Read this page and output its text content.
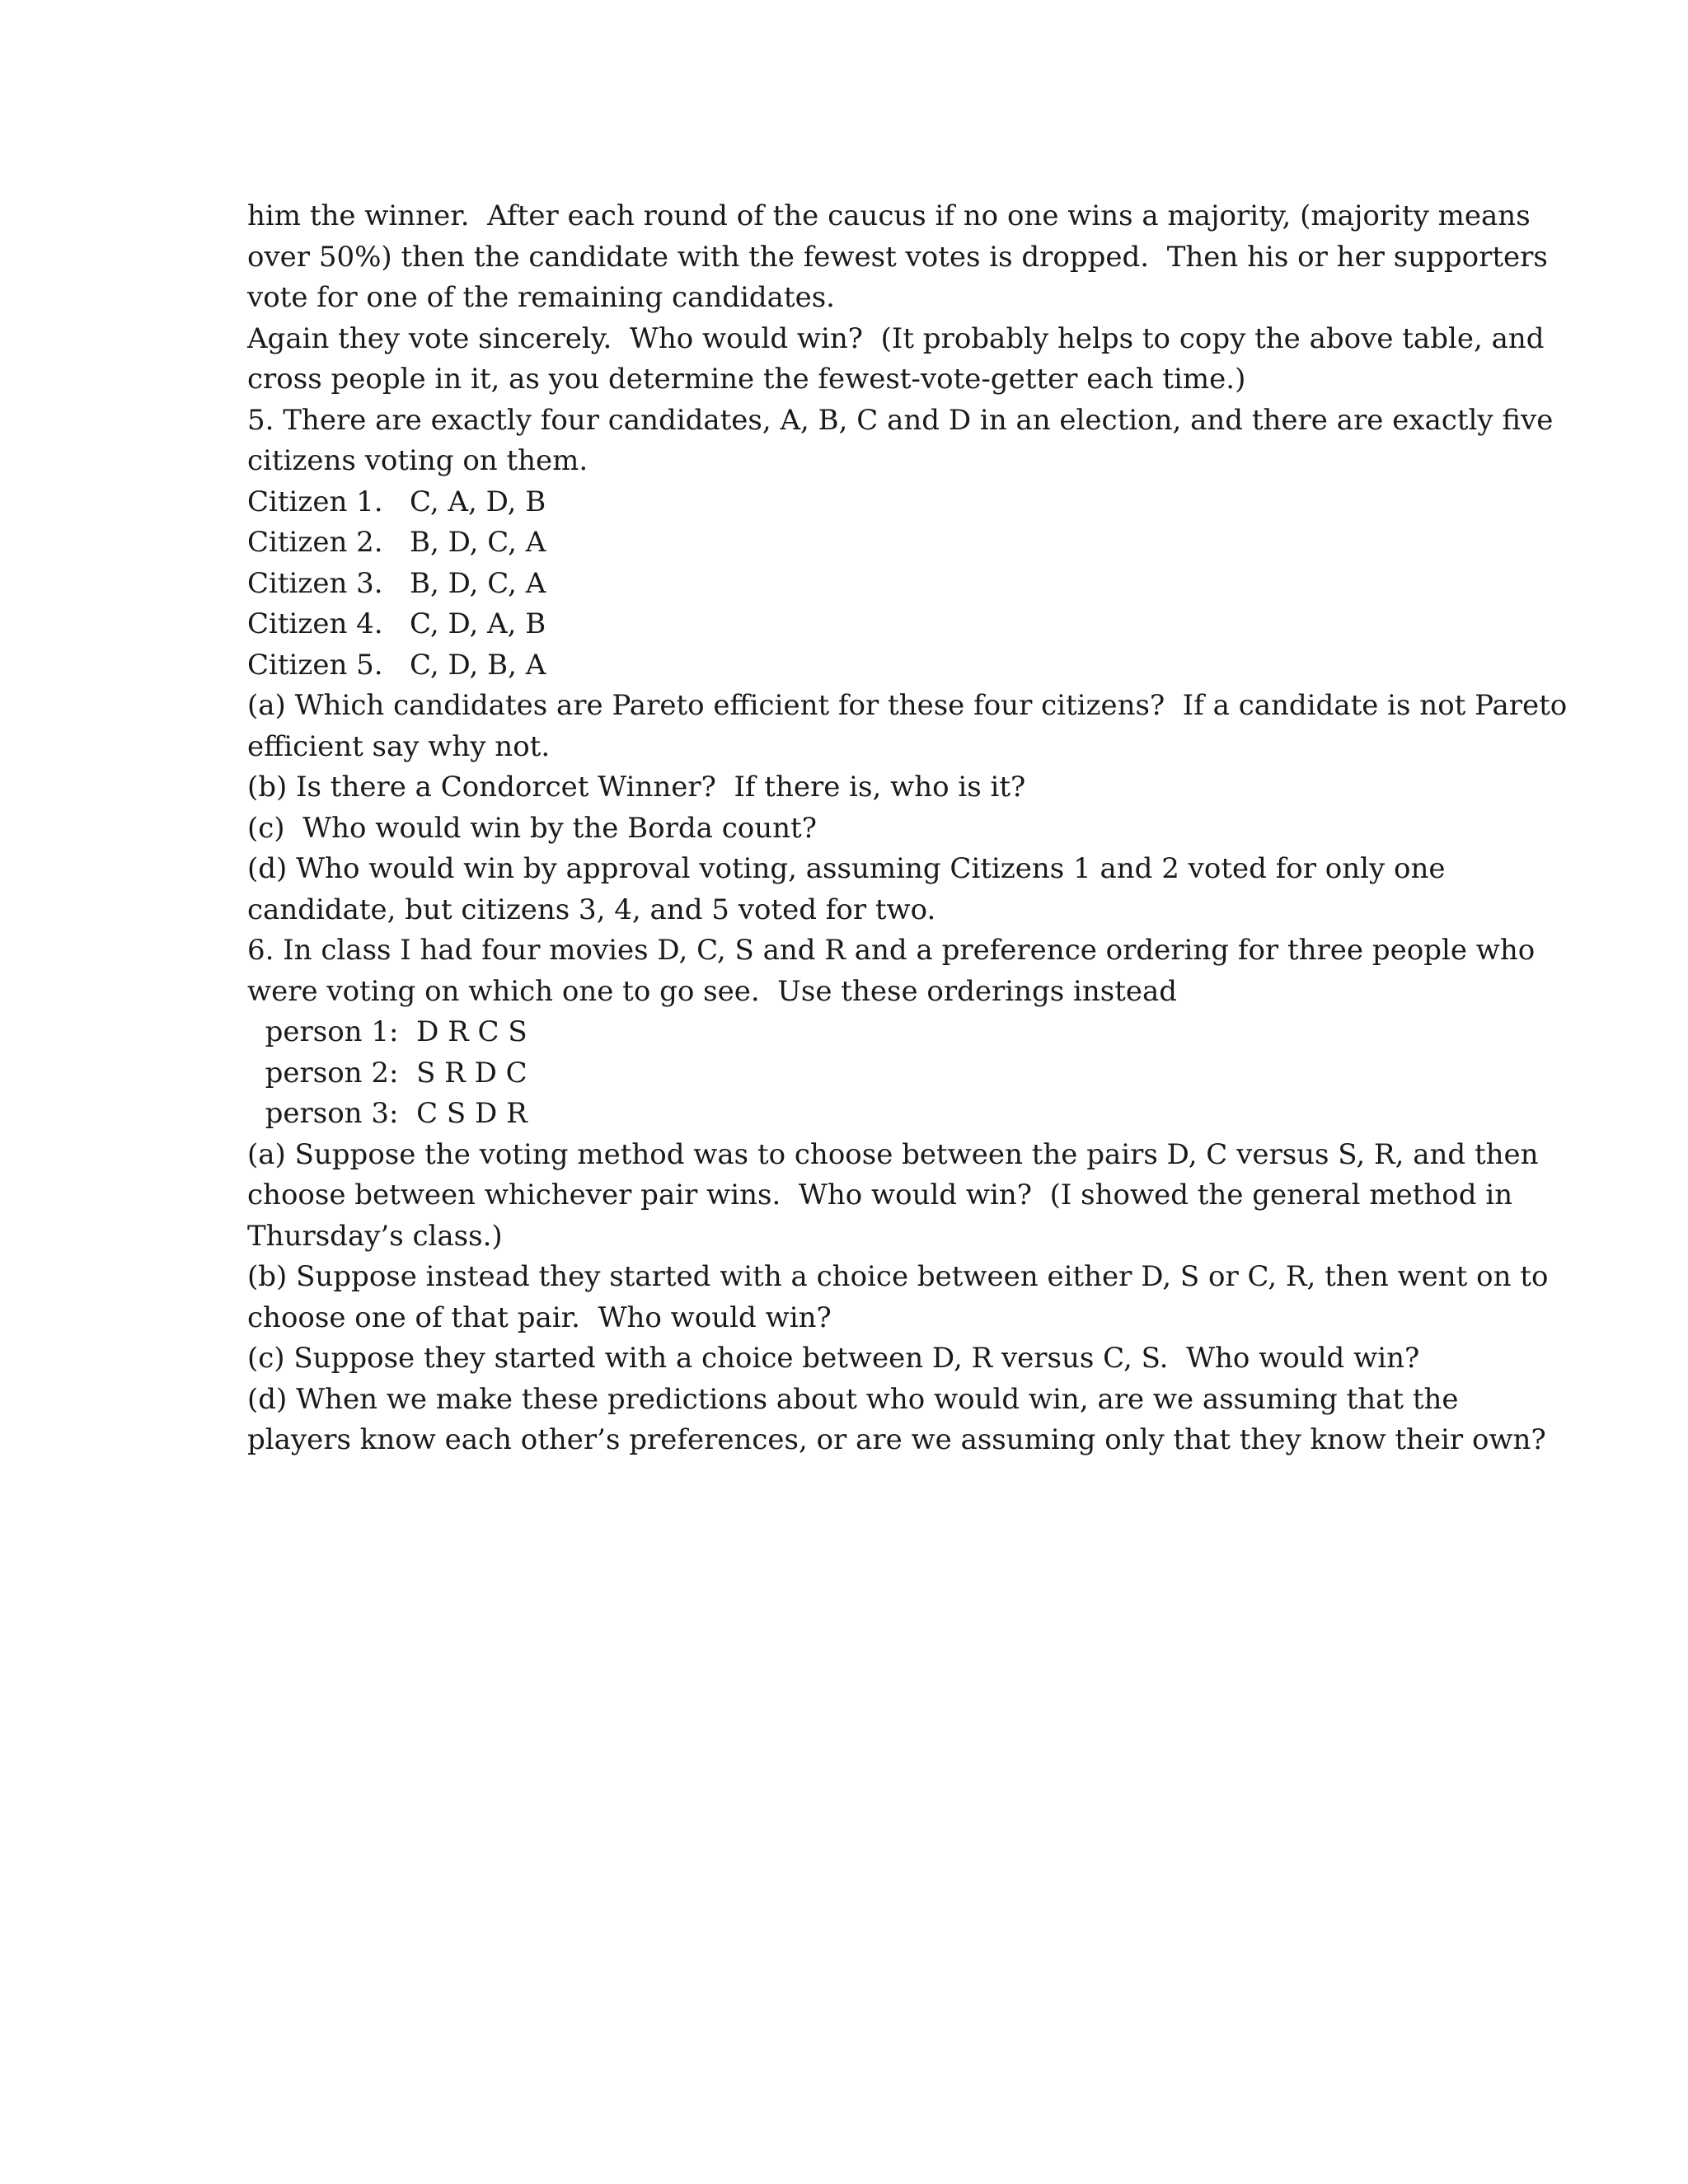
him the winner.  After each round of the caucus if no one wins a majority, (majority means
over 50%) then the candidate with the fewest votes is dropped.  Then his or her supporters
vote for one of the remaining candidates.
Again they vote sincerely.  Who would win?  (It probably helps to copy the above table, and
cross people in it, as you determine the fewest-vote-getter each time.)
5. There are exactly four candidates, A, B, C and D in an election, and there are exactly five
citizens voting on them.
Citizen 1.   C, A, D, B
Citizen 2.   B, D, C, A
Citizen 3.   B, D, C, A
Citizen 4.   C, D, A, B
Citizen 5.   C, D, B, A
(a) Which candidates are Pareto efficient for these four citizens?  If a candidate is not Pareto
efficient say why not.
(b) Is there a Condorcet Winner?  If there is, who is it?
(c)  Who would win by the Borda count?
(d) Who would win by approval voting, assuming Citizens 1 and 2 voted for only one
candidate, but citizens 3, 4, and 5 voted for two.
6. In class I had four movies D, C, S and R and a preference ordering for three people who
were voting on which one to go see.  Use these orderings instead
person 1:  D R C S
person 2:  S R D C
person 3:  C S D R
(a) Suppose the voting method was to choose between the pairs D, C versus S, R, and then
choose between whichever pair wins.  Who would win?  (I showed the general method in
Thursday’s class.)
(b) Suppose instead they started with a choice between either D, S or C, R, then went on to
choose one of that pair.  Who would win?
(c) Suppose they started with a choice between D, R versus C, S.  Who would win?
(d) When we make these predictions about who would win, are we assuming that the
players know each other’s preferences, or are we assuming only that they know their own?
